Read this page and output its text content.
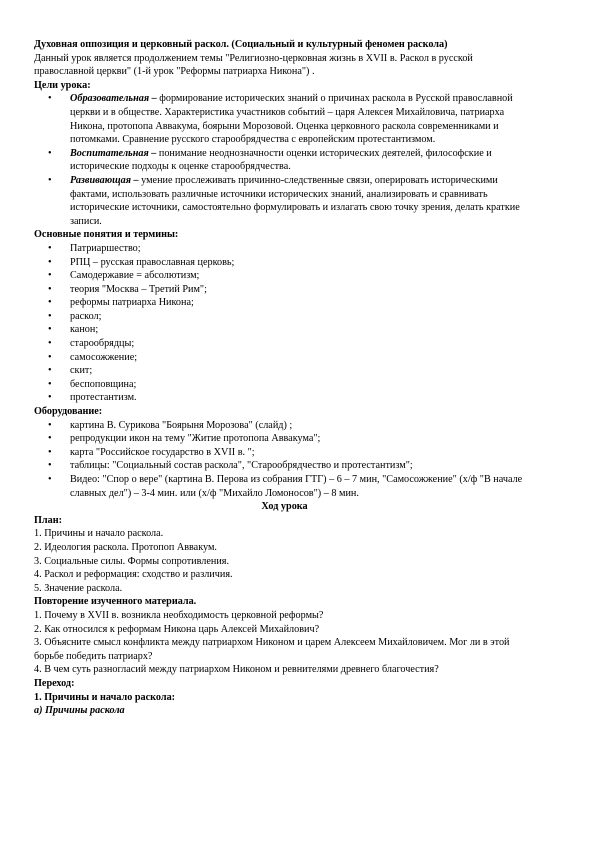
Духовная оппозиция и церковный раскол. (Социальный и культурный феномен раскола)

Данный урок является продолжением темы "Религиозно-церковная жизнь в XVII в. Раскол в русской православной церкви" (1-й урок "Реформы патриарха Никона") .

Цели урока:

• Образовательная – формирование исторических знаний о причинах раскола в Русской православной церкви и в обществе. Характеристика участников событий – царя Алексея Михайловича, патриарха Никона, протопопа Аввакума, боярыни Морозовой. Оценка церковного раскола современниками и потомками. Сравнение русского старообрядчества с европейским протестантизмом.
• Воспитательная – понимание неоднозначности оценки исторических деятелей, философские и исторические подходы к оценке старообрядчества.
• Развивающая – умение прослеживать причинно-следственные связи, оперировать историческими фактами, использовать различные источники исторических знаний, анализировать и сравнивать исторические источники, самостоятельно формулировать и излагать свою точку зрения, делать краткие записи.

Основные понятия и термины:

• Патриаршество;
• РПЦ – русская православная церковь;
• Самодержавие = абсолютизм;
• теория "Москва – Третий Рим";
• реформы патриарха Никона;
• раскол;
• канон;
• старообрядцы;
• самосожжение;
• скит;
• беспоповщина;
• протестантизм.

Оборудование:

• картина В. Сурикова "Боярыня Морозова" (слайд) ;
• репродукции икон на тему "Житие протопопа Аввакума";
• карта "Российское государство в XVII в. ";
• таблицы: "Социальный состав раскола", "Старообрядчество и протестантизм";
• Видео: "Спор о вере" (картина В. Перова из собрания ГТГ) – 6 – 7 мин, "Самосожжение" (х/ф "В начале славных дел") – 3-4 мин. или (х/ф "Михайло Ломоносов") – 8 мин.

Ход урока

План:

1. Причины и начало раскола.

2. Идеология раскола. Протопоп Аввакум.

3. Социальные силы. Формы сопротивления.

4. Раскол и реформация: сходство и различия.

5. Значение раскола.

Повторение изученного материала.

1. Почему в XVII в. возникла необходимость церковной реформы?

2. Как относился к реформам Никона царь Алексей Михайлович?

3. Объясните смысл конфликта между патриархом Никоном и царем Алексеем Михайловичем. Мог ли в этой борьбе победить патриарх?

4. В чем суть разногласий между патриархом Никоном и ревнителями древнего благочестия?

Переход:

1. Причины и начало раскола:

а) Причины раскола
